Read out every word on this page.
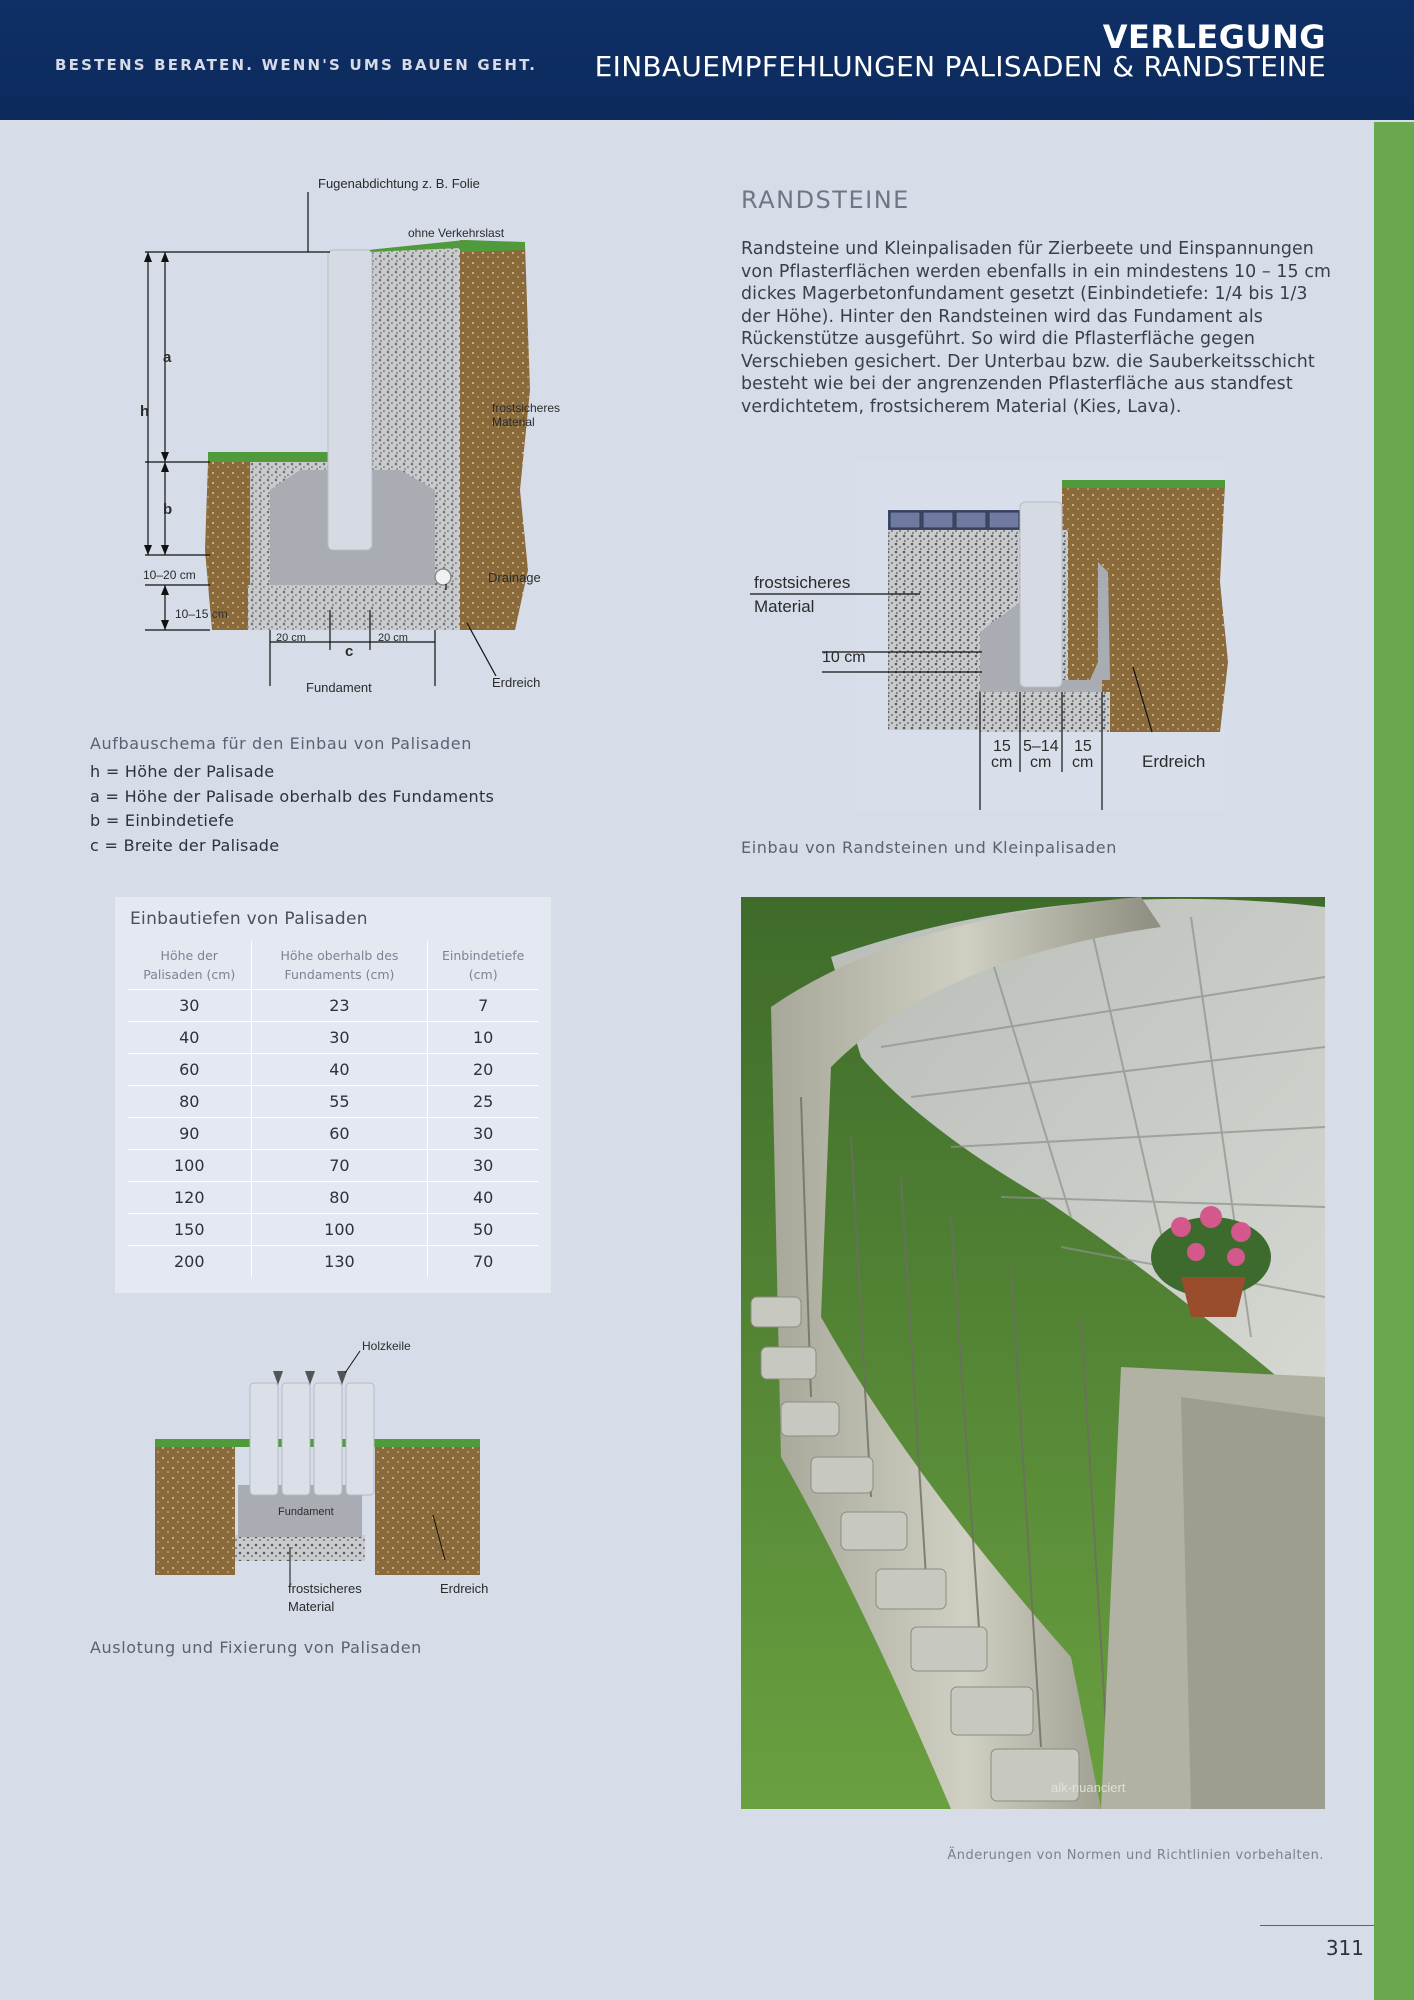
BESTENS BERATEN. WENN'S UMS BAUEN GEHT.
VERLEGUNG
EINBAUEMPFEHLUNGEN PALISADEN & RANDSTEINE
Fugenabdichtung z. B. Folie
ohne Verkehrslast
frostsicheres
Material
a
h
b
10–20 cm
10–15 cm
Drainage
20 cm	20 cm
c
Fundament	Erdreich
Aufbauschema für den Einbau von Palisaden
h = Höhe der Palisade
a = Höhe der Palisade oberhalb des Fundaments
b = Einbindetiefe
c = Breite der Palisade
Einbautiefen von Palisaden
Höhe der Palisaden (cm)	Höhe oberhalb des Fundaments (cm)	Einbindetiefe (cm)
30	23	7
40	30	10
60	40	20
80	55	25
90	60	30
100	70	30
120	80	40
150	100	50
200	130	70
Holzkeile
Fundament
frostsicheres
Material
Erdreich
Auslotung und Fixierung von Palisaden
RANDSTEINE
Randsteine und Kleinpalisaden für Zierbeete und Einspannungen von Pflasterflächen werden ebenfalls in ein mindestens 10 – 15 cm dickes Magerbetonfundament gesetzt (Einbindetiefe: 1/4 bis 1/3 der Höhe). Hinter den Randsteinen wird das Fundament als Rückenstütze ausgeführt. So wird die Pflasterfläche gegen Verschieben gesichert. Der Unterbau bzw. die Sauberkeitsschicht besteht wie bei der angrenzenden Pflasterfläche aus standfest verdichtetem, frostsicherem Material (Kies, Lava).
frostsicheres
Material
10 cm
15
cm
5–14
cm
15
cm	Erdreich
Einbau von Randsteinen und Kleinpalisaden
alk-nuanciert
Änderungen von Normen und Richtlinien vorbehalten.
311
